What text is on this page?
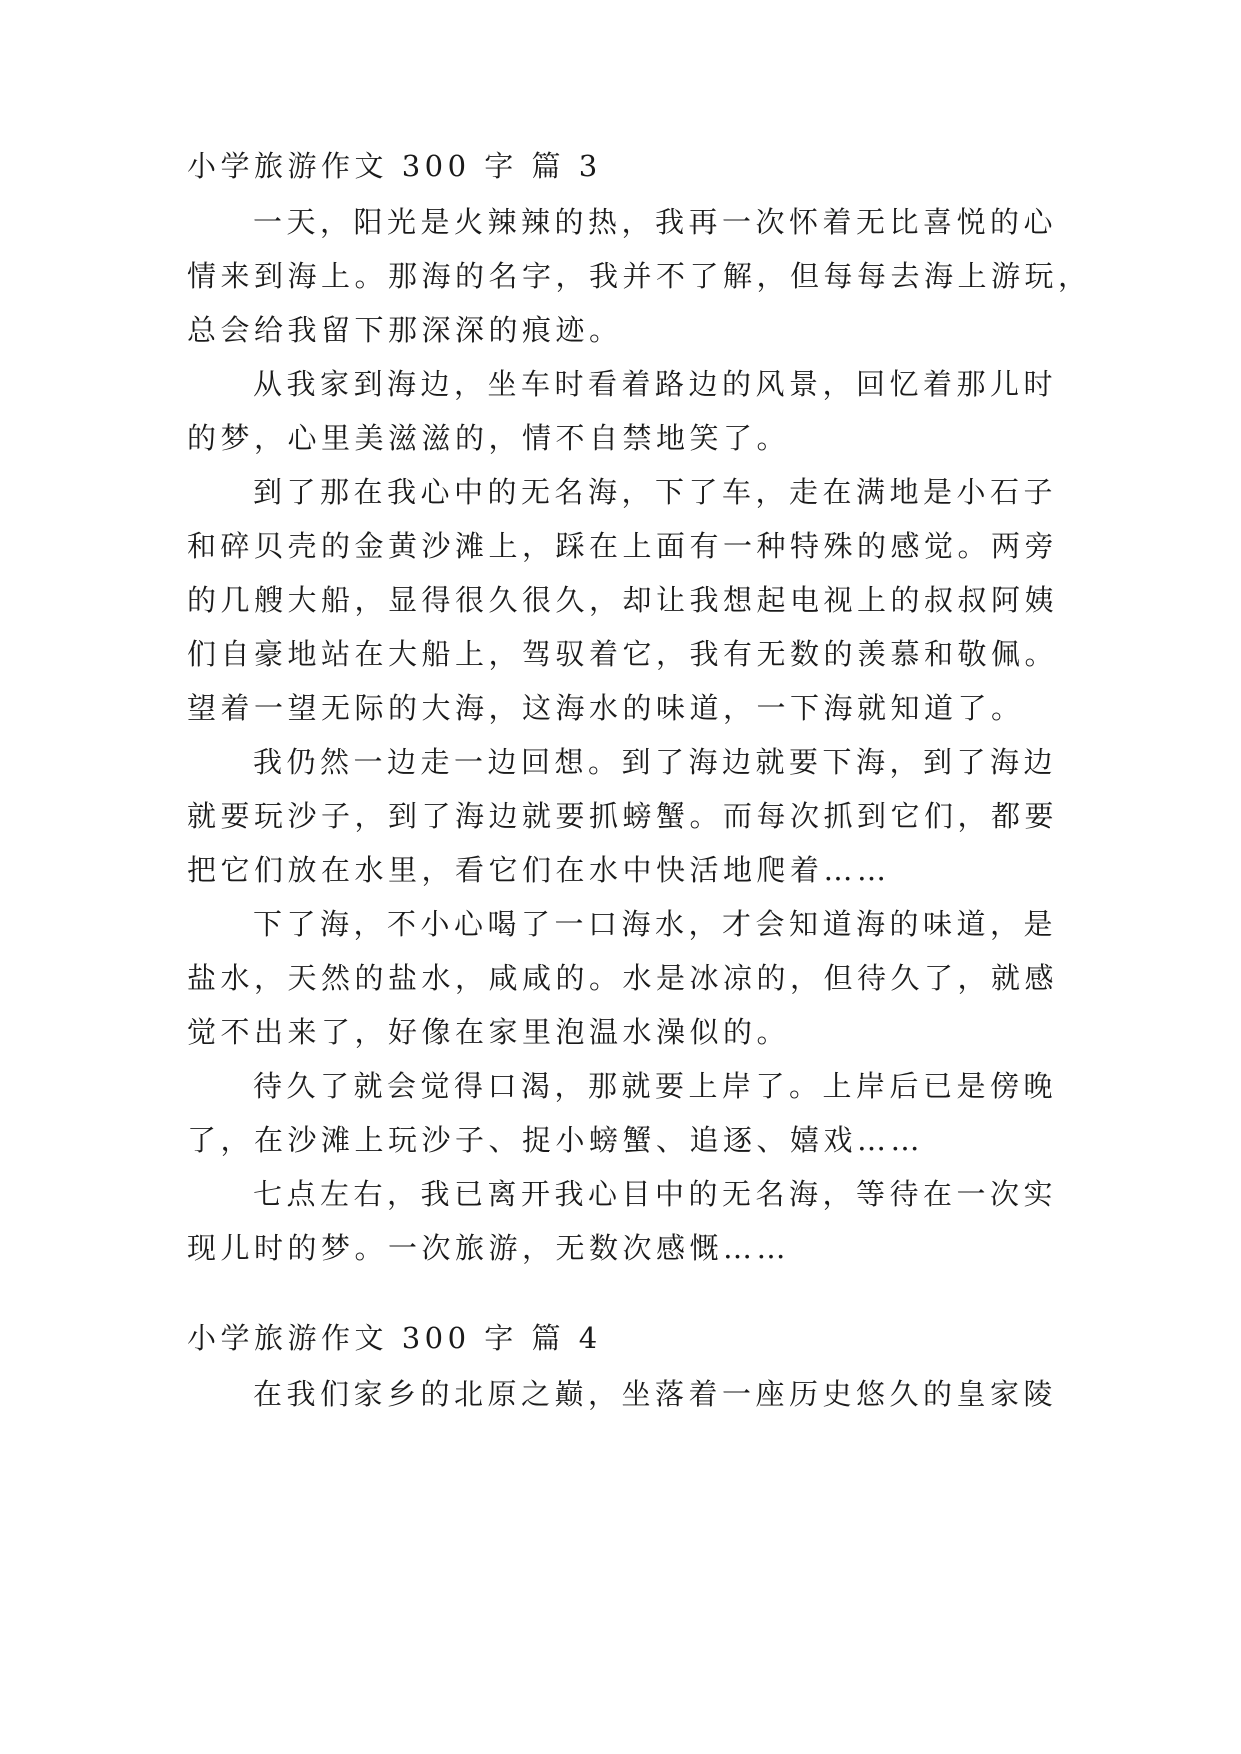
小学旅游作文 300 字 篇 3

一天，阳光是火辣辣的热，我再一次怀着无比喜悦的心

情来到海上。那海的名字，我并不了解，但每每去海上游玩，

总会给我留下那深深的痕迹。

从我家到海边，坐车时看着路边的风景，回忆着那儿时

的梦，心里美滋滋的，情不自禁地笑了。

到了那在我心中的无名海，下了车，走在满地是小石子

和碎贝壳的金黄沙滩上，踩在上面有一种特殊的感觉。两旁

的几艘大船，显得很久很久，却让我想起电视上的叔叔阿姨

们自豪地站在大船上，驾驭着它，我有无数的羡慕和敬佩。

望着一望无际的大海，这海水的味道，一下海就知道了。

我仍然一边走一边回想。到了海边就要下海，到了海边

就要玩沙子，到了海边就要抓螃蟹。而每次抓到它们，都要

把它们放在水里，看它们在水中快活地爬着……

下了海，不小心喝了一口海水，才会知道海的味道，是

盐水，天然的盐水，咸咸的。水是冰凉的，但待久了，就感

觉不出来了，好像在家里泡温水澡似的。

待久了就会觉得口渴，那就要上岸了。上岸后已是傍晚

了，在沙滩上玩沙子、捉小螃蟹、追逐、嬉戏……

七点左右，我已离开我心目中的无名海，等待在一次实

现儿时的梦。一次旅游，无数次感慨……

小学旅游作文 300 字 篇 4

在我们家乡的北原之巅，坐落着一座历史悠久的皇家陵
